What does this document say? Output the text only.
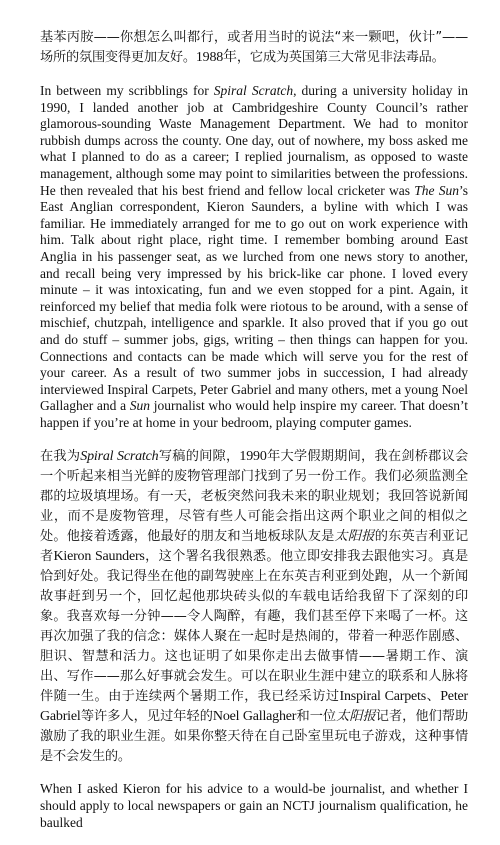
基苯丙胺——你想怎么叫都行，或者用当时的说法“来一颗吧，伙计”——场所的氛围变得更加友好。1988年，它成为英国第三大常见非法毒品。

In between my scribblings for Spiral Scratch, during a university holiday in 1990, I landed another job at Cambridgeshire County Council’s rather glamorous-sounding Waste Management Department. We had to monitor rubbish dumps across the county. One day, out of nowhere, my boss asked me what I planned to do as a career; I replied journalism, as opposed to waste management, although some may point to similarities between the professions. He then revealed that his best friend and fellow local cricketer was The Sun’s East Anglian correspondent, Kieron Saunders, a byline with which I was familiar. He immediately arranged for me to go out on work experience with him. Talk about right place, right time. I remember bombing around East Anglia in his passenger seat, as we lurched from one news story to another, and recall being very impressed by his brick-like car phone. I loved every minute – it was intoxicating, fun and we even stopped for a pint. Again, it reinforced my belief that media folk were riotous to be around, with a sense of mischief, chutzpah, intelligence and sparkle. It also proved that if you go out and do stuff – summer jobs, gigs, writing – then things can happen for you. Connections and contacts can be made which will serve you for the rest of your career. As a result of two summer jobs in succession, I had already interviewed Inspiral Carpets, Peter Gabriel and many others, met a young Noel Gallagher and a Sun journalist who would help inspire my career. That doesn’t happen if you’re at home in your bedroom, playing computer games.

在我为Spiral Scratch写稿的间隙，1990年大学假期期间，我在剑桥郡议会一个听起来相当光鲜的废物管理部门找到了另一份工作。我们必须监测全郡的垃圾填埋场。有一天，老板突然问我未来的职业规划；我回答说新闻业，而不是废物管理，尽管有些人可能会指出这两个职业之间的相似之处。他接着透露，他最好的朋友和当地板球队友是太阳报的东英吉利亚记者Kieron Saunders，这个署名我很熟悉。他立即安排我去跟他实习。真是恰到好处。我记得坐在他的副驾驶座上在东英吉利亚到处跑，从一个新闻故事赶到另一个，回忆起他那块砖头似的车载电话给我留下了深刻的印象。我喜欢每一分钟——令人陶醉，有趣，我们甚至停下来喝了一杯。这再次加强了我的信念：媒体人聚在一起时是热闹的，带着一种恶作剧感、胆识、智慧和活力。这也证明了如果你走出去做事情——暑期工作、演出、写作——那么好事就会发生。可以在职业生涯中建立的联系和人脉将伴随一生。由于连续两个暑期工作，我已经采访过Inspiral Carpets、Peter Gabriel等许多人，见过年轻的Noel Gallagher和一位太阳报记者，他们帮助激励了我的职业生涯。如果你整天待在自己卧室里玩电子游戏，这种事情是不会发生的。

When I asked Kieron for his advice to a would-be journalist, and whether I should apply to local newspapers or gain an NCTJ journalism qualification, he baulked
